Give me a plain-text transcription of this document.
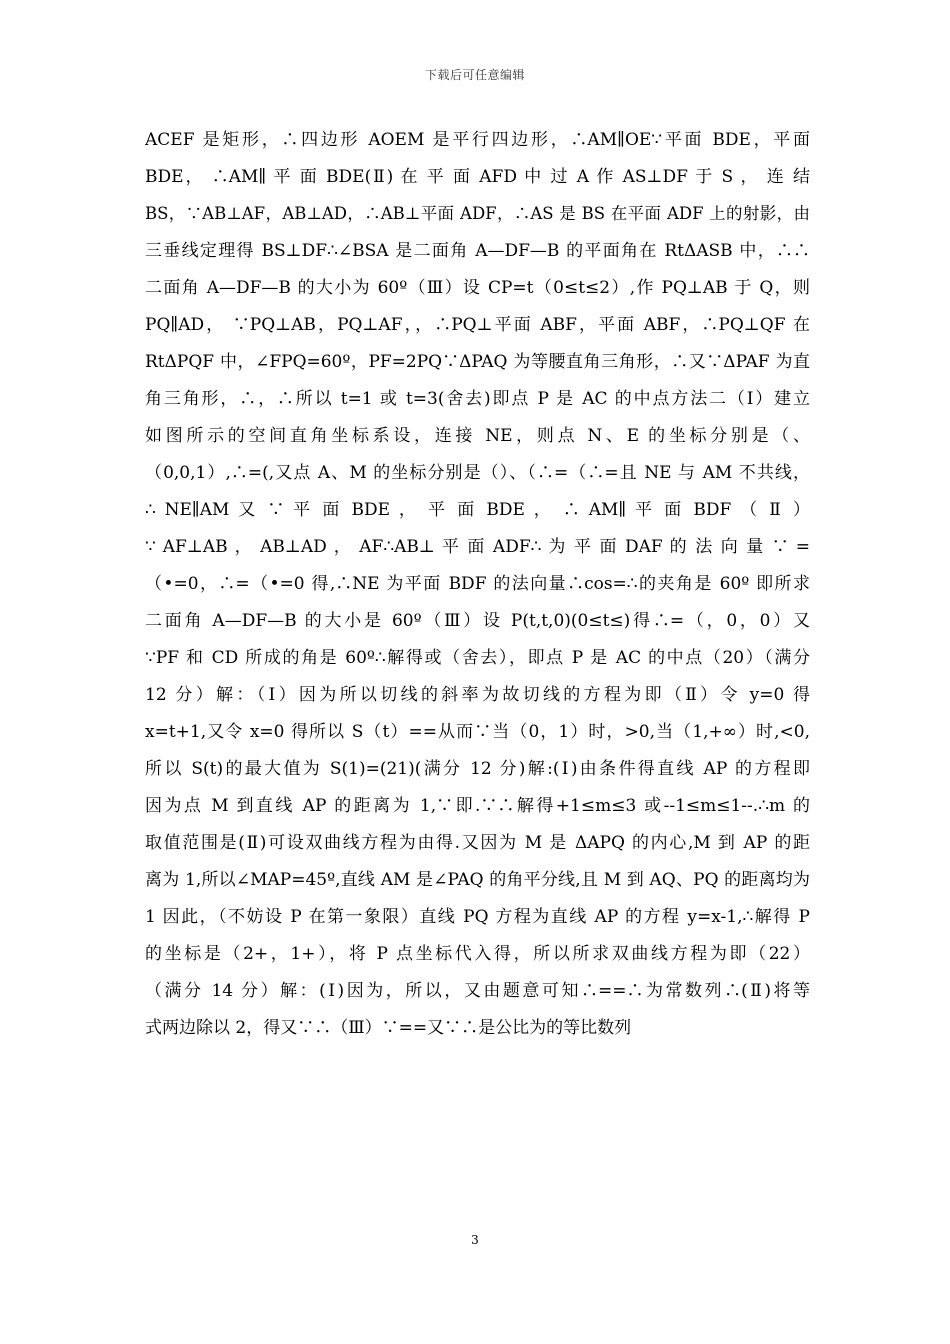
下载后可任意编辑
ACEF 是矩形，∴四边形 AOEM 是平行四边形，∴AM∥OE∵平面 BDE，平面
BDE， ∴AM∥ 平 面 BDE(Ⅱ) 在 平 面 AFD 中 过 A 作 AS⊥DF 于 S ， 连 结
BS，∵AB⊥AF，AB⊥AD，∴AB⊥平面 ADF，∴AS 是 BS 在平面 ADF 上的射影，由
三垂线定理得 BS⊥DF∴∠BSA 是二面角 A—DF—B 的平面角在 RtΔASB 中，∴∴
二面角 A—DF—B 的大小为 60º（Ⅲ）设 CP=t（0≤t≤2）,作 PQ⊥AB 于 Q，则
PQ∥AD， ∵PQ⊥AB，PQ⊥AF，，∴PQ⊥平面 ABF，平面 ABF，∴PQ⊥QF 在
RtΔPQF 中，∠FPQ=60º，PF=2PQ∵ΔPAQ 为等腰直角三角形，∴又∵ΔPAF 为直
角三角形，∴，∴所以 t=1 或 t=3(舍去)即点 P 是 AC 的中点方法二（Ⅰ）建立
如图所示的空间直角坐标系设，连接 NE，则点 N、E 的坐标分别是（、
（0,0,1）,∴=(,又点 A、M 的坐标分别是（）、（∴=（∴=且 NE 与 AM 不共线，
∴ NE∥AM 又 ∵ 平 面 BDE ， 平 面 BDE ， ∴ AM∥ 平 面 BDF （ Ⅱ ）
∵ AF⊥AB ， AB⊥AD ， AF∴AB⊥ 平 面 ADF∴ 为 平 面 DAF 的 法 向 量 ∵ =
（•=0，∴=（•=0 得,∴NE 为平面 BDF 的法向量∴cos=∴的夹角是 60º 即所求
二面角 A—DF—B 的大小是 60º（Ⅲ）设 P(t,t,0)(0≤t≤)得∴=（，0，0）又
∵PF 和 CD 所成的角是 60º∴解得或（舍去），即点 P 是 AC 的中点（20）（满分
12 分）解：（Ⅰ）因为所以切线的斜率为故切线的方程为即（Ⅱ）令 y=0 得
x=t+1,又令 x=0 得所以 S（t）==从而∵当（0，1）时，>0,当（1,+∞）时,<0,
所以 S(t)的最大值为 S(1)=(21)(满分 12 分)解:(Ⅰ)由条件得直线 AP 的方程即
因为点 M 到直线 AP 的距离为 1,∵即.∵∴解得+1≤m≤3 或--1≤m≤1--.∴m 的
取值范围是(Ⅱ)可设双曲线方程为由得.又因为 M 是 ΔAPQ 的内心,M 到 AP 的距
离为 1,所以∠MAP=45º,直线 AM 是∠PAQ 的角平分线,且 M 到 AQ、PQ 的距离均为
1 因此，（不妨设 P 在第一象限）直线 PQ 方程为直线 AP 的方程 y=x-1,∴解得 P
的坐标是（2+，1+），将 P 点坐标代入得，所以所求双曲线方程为即（22）
（满分 14 分）解：(Ⅰ)因为，所以，又由题意可知∴==∴为常数列∴(Ⅱ)将等
式两边除以 2，得又∵∴（Ⅲ）∵==又∵∴是公比为的等比数列
3
